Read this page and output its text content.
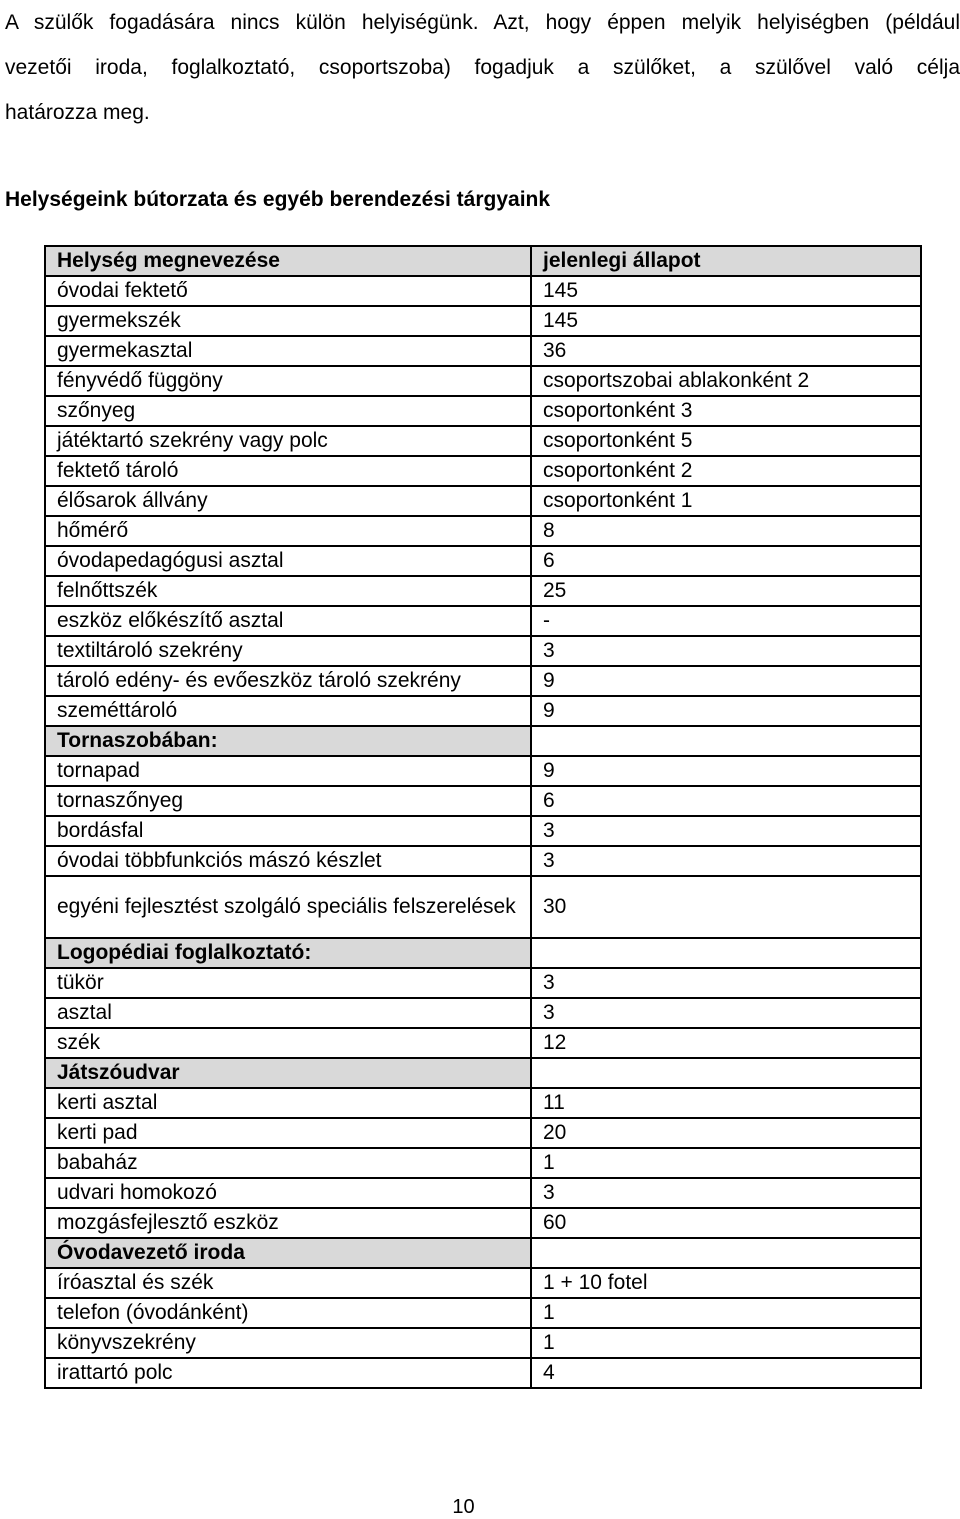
A szülők fogadására nincs külön helyiségünk. Azt, hogy éppen melyik helyiségben (például
vezetői iroda, foglalkoztató, csoportszoba) fogadjuk a szülőket, a szülővel való célja
határozza meg.
Helységeink bútorzata és egyéb berendezési tárgyaink
Helység megnevezése	jelenlegi állapot
óvodai fektető	145
gyermekszék	145
gyermekasztal	36
fényvédő függöny	csoportszobai ablakonként 2
szőnyeg	csoportonként 3
játéktartó szekrény vagy polc	csoportonként 5
fektető tároló	csoportonként 2
élősarok állvány	csoportonként 1
hőmérő	8
óvodapedagógusi asztal	6
felnőttszék	25
eszköz előkészítő asztal	-
textiltároló szekrény	3
tároló edény- és evőeszköz tároló szekrény	9
szeméttároló	9
Tornaszobában:	
tornapad	9
tornaszőnyeg	6
bordásfal	3
óvodai többfunkciós mászó készlet	3
egyéni fejlesztést szolgáló speciális felszerelések	30
Logopédiai foglalkoztató:	
tükör	3
asztal	3
szék	12
Játszóudvar	
kerti asztal	11
kerti pad	20
babaház	1
udvari homokozó	3
mozgásfejlesztő eszköz	60
Óvodavezető iroda	
íróasztal és szék	1 + 10 fotel
telefon (óvodánként)	1
könyvszekrény	1
irattartó polc	4
10
